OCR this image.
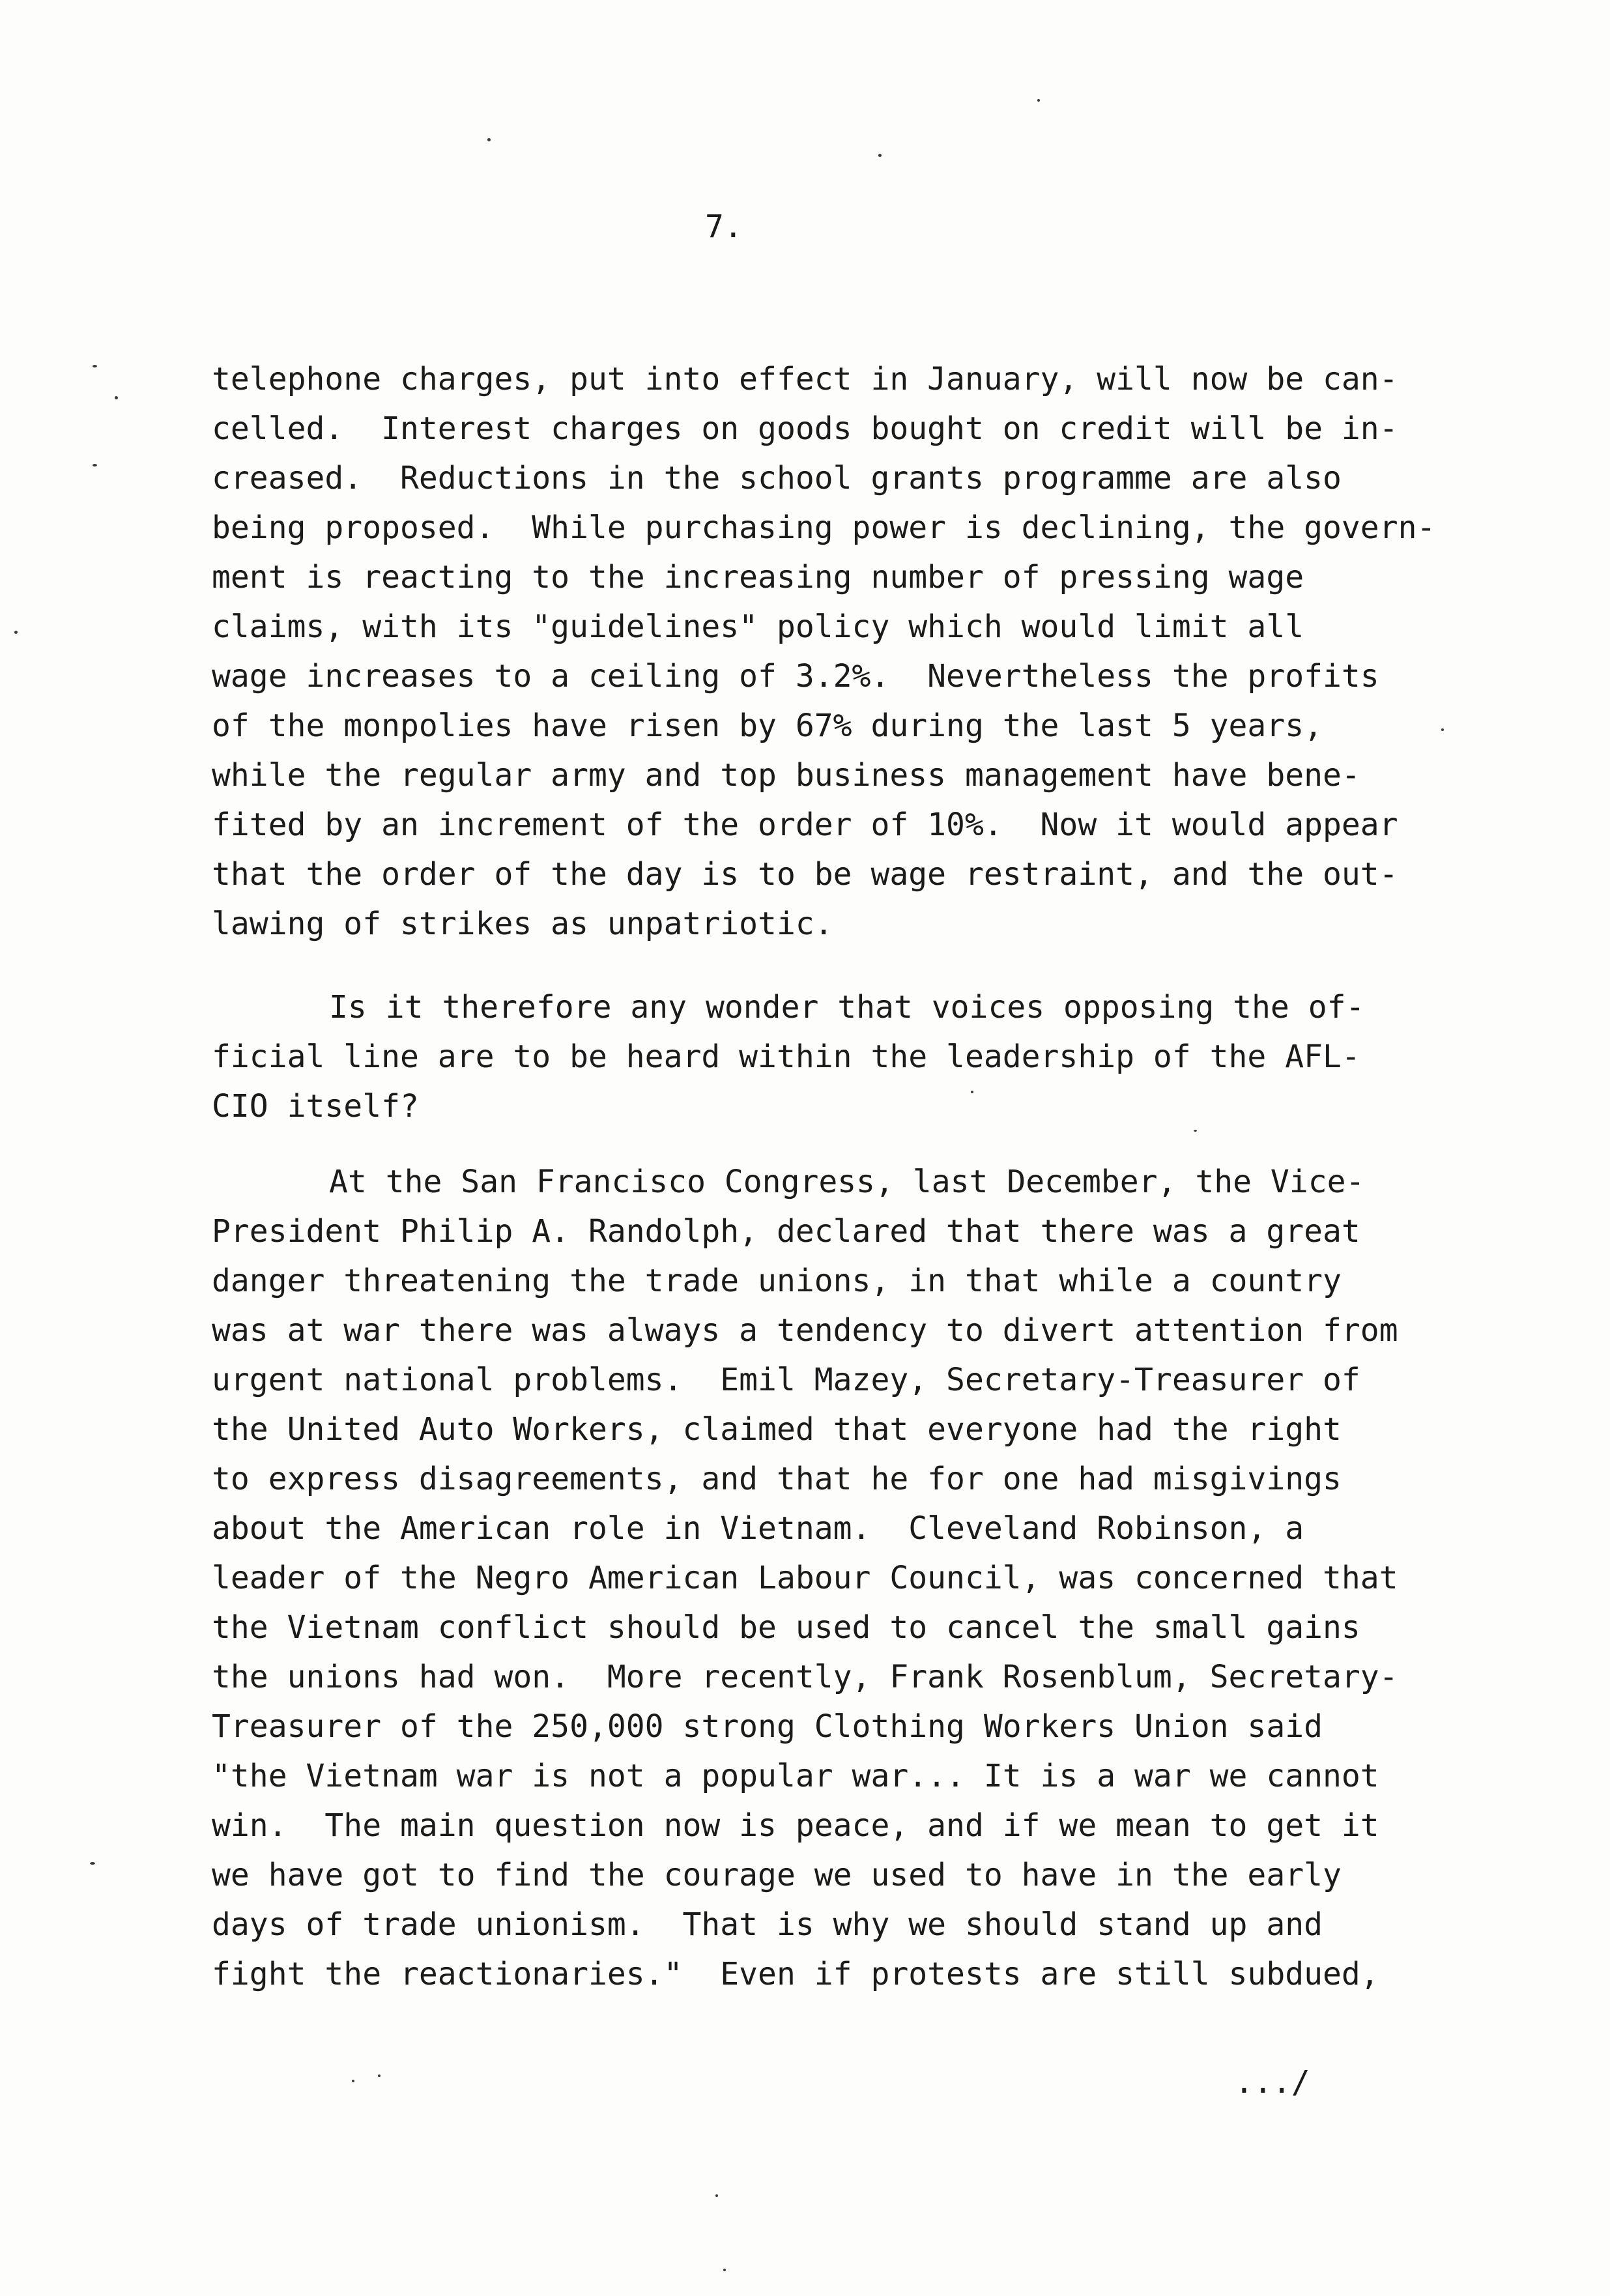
7.

telephone charges, put into effect in January, will now be can-
celled.  Interest charges on goods bought on credit will be in-
creased.  Reductions in the school grants programme are also
being proposed.  While purchasing power is declining, the govern-
ment is reacting to the increasing number of pressing wage
claims, with its "guidelines" policy which would limit all
wage increases to a ceiling of 3.2%.  Nevertheless the profits
of the monpolies have risen by 67% during the last 5 years,
while the regular army and top business management have bene-
fited by an increment of the order of 10%.  Now it would appear
that the order of the day is to be wage restraint, and the out-
lawing of strikes as unpatriotic.
Is it therefore any wonder that voices opposing the of-
ficial line are to be heard within the leadership of the AFL-
CIO itself?
At the San Francisco Congress, last December, the Vice-
President Philip A. Randolph, declared that there was a great
danger threatening the trade unions, in that while a country
was at war there was always a tendency to divert attention from
urgent national problems.  Emil Mazey, Secretary-Treasurer of
the United Auto Workers, claimed that everyone had the right
to express disagreements, and that he for one had misgivings
about the American role in Vietnam.  Cleveland Robinson, a
leader of the Negro American Labour Council, was concerned that
the Vietnam conflict should be used to cancel the small gains
the unions had won.  More recently, Frank Rosenblum, Secretary-
Treasurer of the 250,000 strong Clothing Workers Union said
"the Vietnam war is not a popular war... It is a war we cannot
win.  The main question now is peace, and if we mean to get it
we have got to find the courage we used to have in the early
days of trade unionism.  That is why we should stand up and
fight the reactionaries."  Even if protests are still subdued,

.../
